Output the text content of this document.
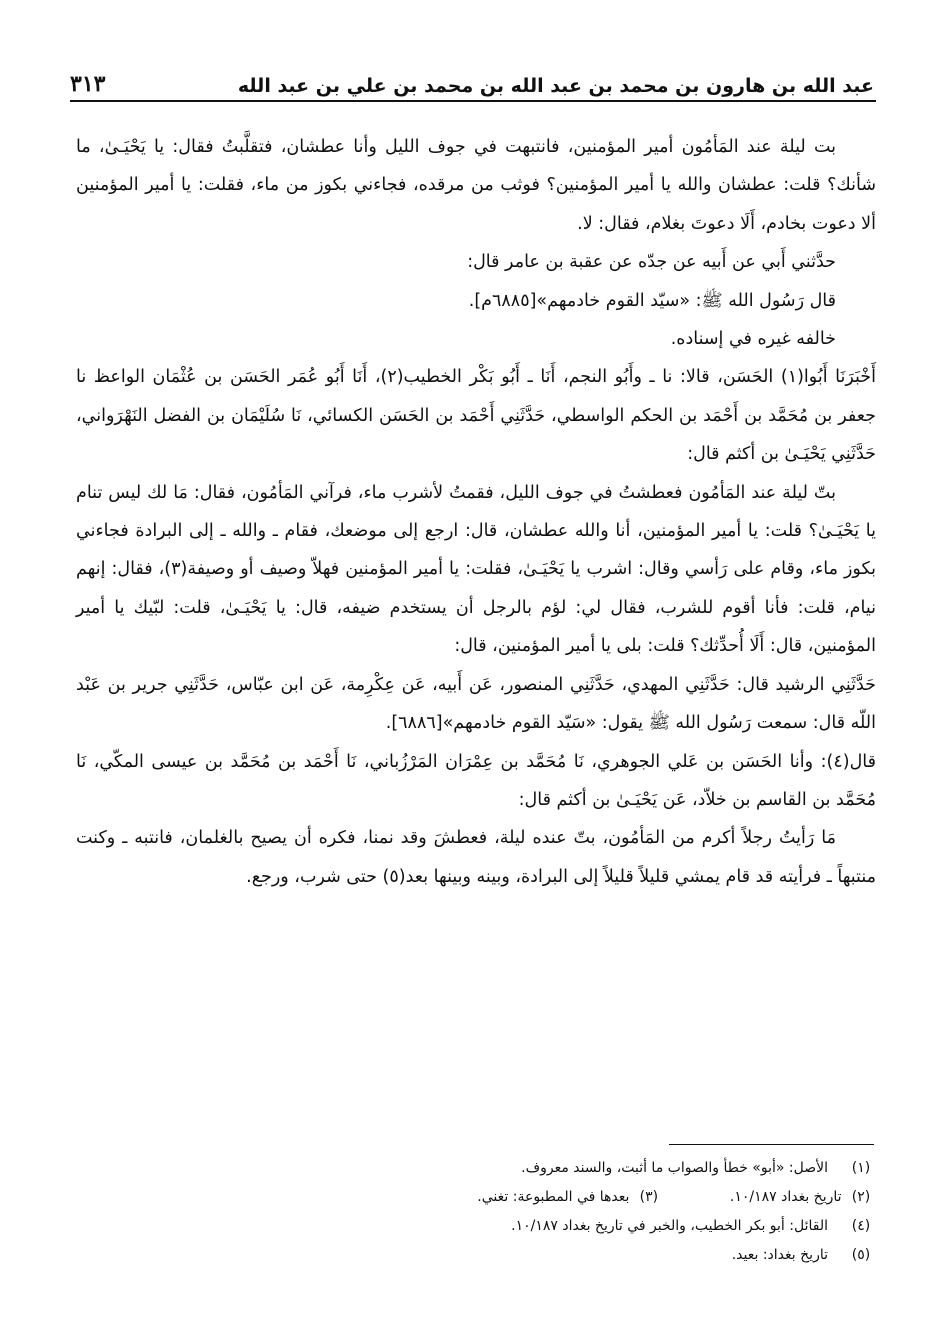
عبد الله بن هارون بن محمد بن عبد الله بن محمد بن علي بن عبد الله
٣١٣

بت ليلة عند المَأمُون أمير المؤمنين، فانتبهت في جوف الليل وأنا عطشان، فتقلَّبتُ فقال: يا يَحْيَـىٰ، ما شأنك؟ قلت: عطشان والله يا أمير المؤمنين؟ فوثب من مرقده، فجاءني بكوز من ماء، فقلت: يا أمير المؤمنين ألا دعوت بخادم، أَلَا دعوتَ بغلام، فقال: لا.

حدَّثني أَبي عن أَبيه عن جدّه عن عقبة بن عامر قال:

قال رَسُول الله ﷺ: «سيّد القوم خادمهم»[٦٨٨٥م].

خالفه غيره في إسناده.

أَخْبَرَنَا أَبُوا(١) الحَسَن، قالا: نا ـ وأَبُو النجم، أَنَا ـ أَبُو بَكْر الخطيب(٢)، أَنَا أَبُو عُمَر الحَسَن بن عُثْمَان الواعظ نا جعفر بن مُحَمَّد بن أَحْمَد بن الحكم الواسطي، حَدَّثَنِي أَحْمَد بن الحَسَن الكسائي، نَا سُلَيْمَان بن الفضل النَهْرَواني، حَدَّثَنِي يَحْيَـىٰ بن أكثم قال:

بتّ ليلة عند المَأمُون فعطشتُ في جوف الليل، فقمتُ لأشرب ماء، فرآني المَأمُون، فقال: مَا لك ليس تنام يا يَحْيَـىٰ؟ قلت: يا أمير المؤمنين، أنا والله عطشان، قال: ارجع إلى موضعك، فقام ـ والله ـ إلى البرادة فجاءني بكوز ماء، وقام على رَأسي وقال: اشرب يا يَحْيَـىٰ، فقلت: يا أمير المؤمنين فهلاّ وصيف أو وصيفة(٣)، فقال: إنهم نيام، قلت: فأنا أقوم للشرب، فقال لي: لؤم بالرجل أن يستخدم ضيفه، قال: يا يَحْيَـىٰ، قلت: لبّيك يا أمير المؤمنين، قال: أَلَا أُحدِّثك؟ قلت: بلى يا أمير المؤمنين، قال:

حَدَّثَنِي الرشيد قال: حَدَّثَنِي المهدي، حَدَّثَنِي المنصور، عَن أَبيه، عَن عِكْرِمة، عَن ابن عبّاس، حَدَّثَنِي جرير بن عَبْد اللّه قال: سمعت رَسُول الله ﷺ يقول: «سَيّد القوم خادمهم»[٦٨٨٦].

قال(٤): وأنا الحَسَن بن عَلي الجوهري، نَا مُحَمَّد بن عِمْرَان المَرْزُباني، نَا أَحْمَد بن مُحَمَّد بن عيسى المكّي، نَا مُحَمَّد بن القاسم بن خلاّد، عَن يَحْيَـىٰ بن أكثم قال:

مَا رَأيتُ رجلاً أكرم من المَأمُون، بتّ عنده ليلة، فعطشَ وقد نمنا، فكره أن يصيح بالغلمان، فانتبه ـ وكنت منتبهاً ـ فرأيته قد قام يمشي قليلاً قليلاً إلى البرادة، وبينه وبينها بعد(٥) حتى شرب، ورجع.

(١)
الأصل: «أبو» خطأ والصواب ما أثبت، والسند معروف.
(٢) تاريخ بغداد ١٠/١٨٧.
(٣) بعدها في المطبوعة: تغني.
(٤)
القائل: أبو بكر الخطيب، والخبر في تاريخ بغداد ١٠/١٨٧.
(٥)
تاريخ بغداد: بعيد.
